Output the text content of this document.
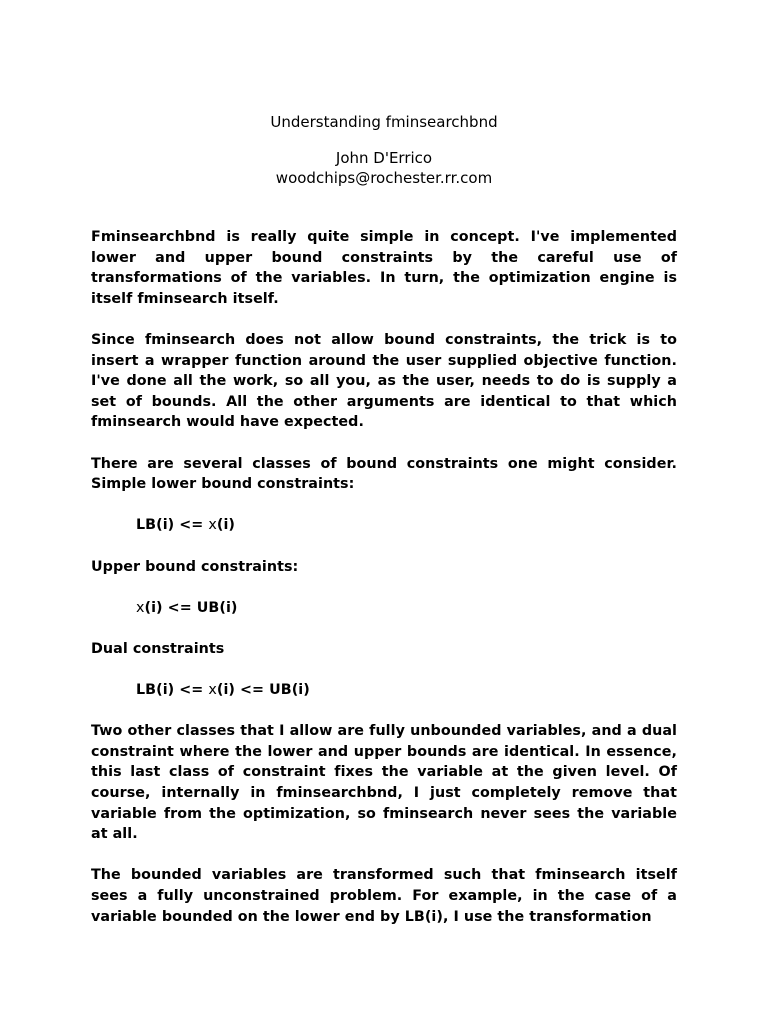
Understanding fminsearchbnd
John D'Errico
woodchips@rochester.rr.com

Fminsearchbnd is really quite simple in concept. I've implemented lower and upper bound constraints by the careful use of transformations of the variables. In turn, the optimization engine is itself fminsearch itself.

Since fminsearch does not allow bound constraints, the trick is to insert a wrapper function around the user supplied objective function. I've done all the work, so all you, as the user, needs to do is supply a set of bounds. All the other arguments are identical to that which fminsearch would have expected.

There are several classes of bound constraints one might consider. Simple lower bound constraints:

LB(i) <= x(i)

Upper bound constraints:

x(i) <= UB(i)

Dual constraints

LB(i) <= x(i) <= UB(i)

Two other classes that I allow are fully unbounded variables, and a dual constraint where the lower and upper bounds are identical. In essence, this last class of constraint fixes the variable at the given level. Of course, internally in fminsearchbnd, I just completely remove that variable from the optimization, so fminsearch never sees the variable at all.

The bounded variables are transformed such that fminsearch itself sees a fully unconstrained problem. For example, in the case of a variable bounded on the lower end by LB(i), I use the transformation
